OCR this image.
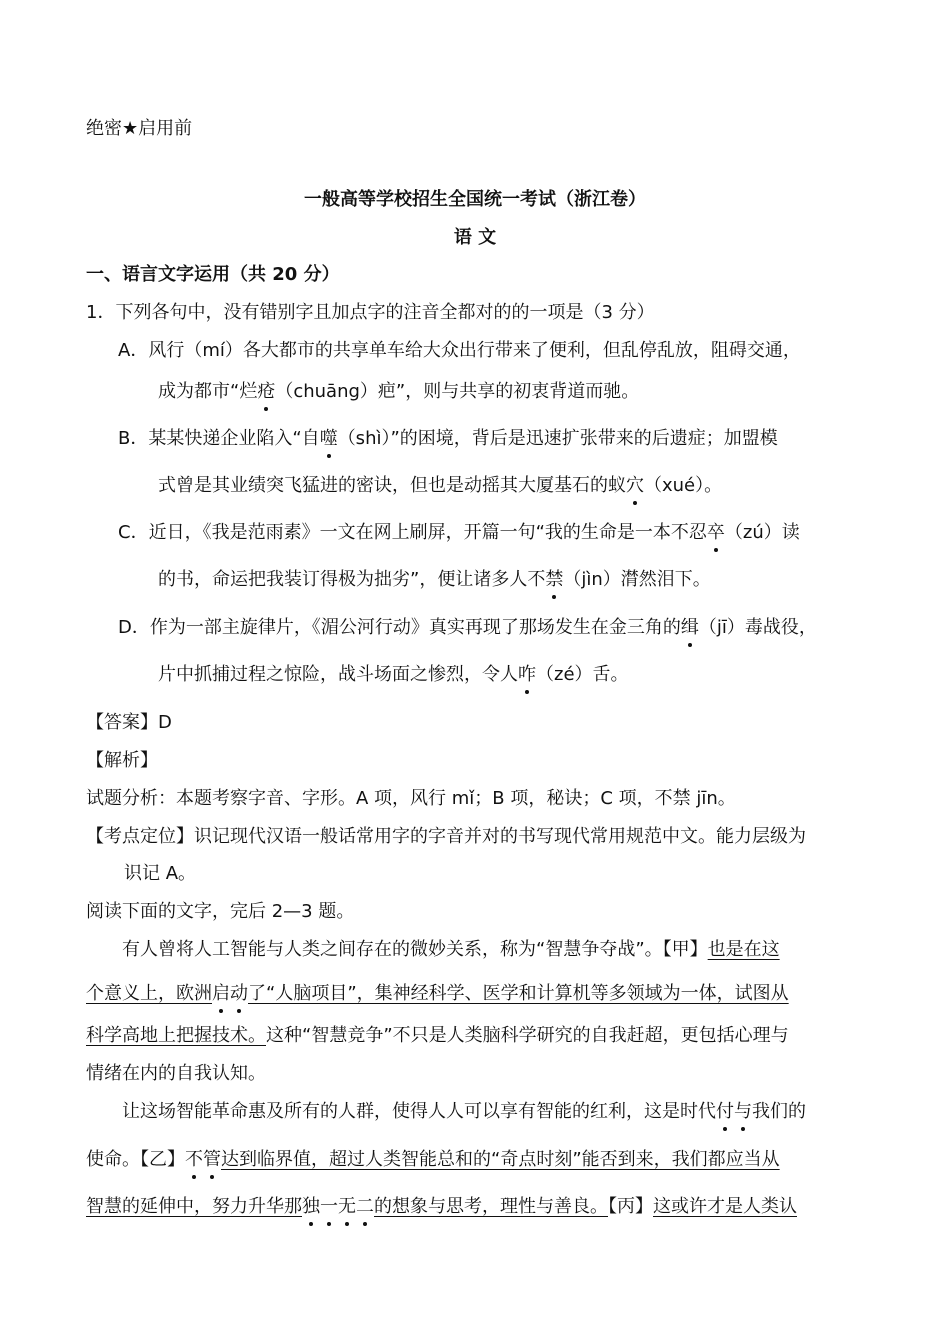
绝密★启用前
一般高等学校招生全国统一考试（浙江卷）
语 文
一、语言文字运用（共 20 分）
1．下列各句中，没有错别字且加点字的注音全都对的的一项是（3 分）
A．风行（mí）各大都市的共享单车给大众出行带来了便利，但乱停乱放，阻碍交通，
成为都市“烂疮（chuāng）疤”，则与共享的初衷背道而驰。
B．某某快递企业陷入“自噬（shì）”的困境，背后是迅速扩张带来的后遗症；加盟模
式曾是其业绩突飞猛进的密诀，但也是动摇其大厦基石的蚁穴（xué）。
C．近日，《我是范雨素》一文在网上刷屏，开篇一句“我的生命是一本不忍卒（zú）读
的书，命运把我装订得极为拙劣”，便让诸多人不禁（jìn）潸然泪下。
D．作为一部主旋律片，《湄公河行动》真实再现了那场发生在金三角的缉（jī）毒战役，
片中抓捕过程之惊险，战斗场面之惨烈，令人咋（zé）舌。
【答案】D
【解析】
试题分析：本题考察字音、字形。A 项，风行 mǐ；B 项，秘诀；C 项，不禁 jīn。
【考点定位】识记现代汉语一般话常用字的字音并对的书写现代常用规范中文。能力层级为
识记 A。
阅读下面的文字，完后 2—3 题。
有人曾将人工智能与人类之间存在的微妙关系，称为“智慧争夺战”。【甲】也是在这
个意义上，欧洲启动了“人脑项目”，集神经科学、医学和计算机等多领域为一体，试图从
科学高地上把握技术。这种“智慧竞争”不只是人类脑科学研究的自我赶超，更包括心理与
情绪在内的自我认知。
让这场智能革命惠及所有的人群，使得人人可以享有智能的红利，这是时代付与我们的
使命。【乙】不管达到临界值，超过人类智能总和的“奇点时刻”能否到来，我们都应当从
智慧的延伸中，努力升华那独一无二的想象与思考，理性与善良。【丙】这或许才是人类认
